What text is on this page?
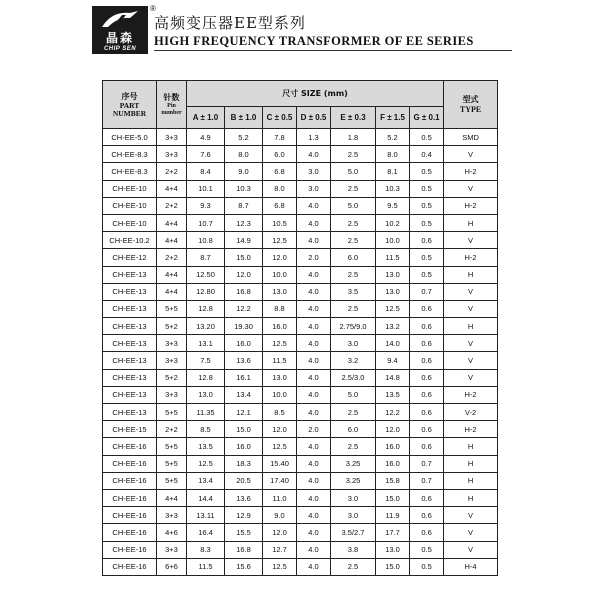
晶森
CHIP SEN
®
高频变压器EE型系列
HIGH FREQUENCY TRANSFORMER OF EE SERIES
序号
PART
NUMBER	针数
Pin
number	尺寸 SIZE (mm)							型式
TYPE

		A ± 1.0	B ± 1.0	C ± 0.5	D ± 0.5	E ± 0.3	F ± 1.5	G ± 0.1	
CH-EE-5.0	3+3	4.9	5.2	7.8	1.3	1.8	5.2	0.5	SMD
CH-EE-8.3	3+3	7.6	8.0	6.0	4.0	2.5	8.0	0.4	V
CH-EE-8.3	2+2	8.4	9.0	6.8	3.0	5.0	8.1	0.5	H-2
CH-EE-10	4+4	10.1	10.3	8.0	3.0	2.5	10.3	0.5	V
CH-EE-10	2+2	9.3	8.7	6.8	4.0	5.0	9.5	0.5	H-2
CH-EE-10	4+4	10.7	12.3	10.5	4.0	2.5	10.2	0.5	H
CH-EE-10.2	4+4	10.8	14.9	12.5	4.0	2.5	10.0	0.6	V
CH-EE-12	2+2	8.7	15.0	12.0	2.0	6.0	11.5	0.5	H-2
CH-EE-13	4+4	12.50	12.0	10.0	4.0	2.5	13.0	0.5	H
CH-EE-13	4+4	12.80	16.8	13.0	4.0	3.5	13.0	0.7	V
CH-EE-13	5+5	12.8	12.2	8.8	4.0	2.5	12.5	0.6	V
CH-EE-13	5+2	13.20	19.30	16.0	4.0	2.75/9.0	13.2	0.6	H
CH-EE-13	3+3	13.1	16.0	12.5	4.0	3.0	14.0	0.6	V
CH-EE-13	3+3	7.5	13.6	11.5	4.0	3.2	9.4	0.6	V
CH-EE-13	5+2	12.8	16.1	13.0	4.0	2.5/3.0	14.8	0.6	V
CH-EE-13	3+3	13.0	13.4	10.0	4.0	5.0	13.5	0.6	H-2
CH-EE-13	5+5	11.35	12.1	8.5	4.0	2.5	12.2	0.6	V-2
CH-EE-15	2+2	8.5	15.0	12.0	2.0	6.0	12.0	0.6	H-2
CH-EE-16	5+5	13.5	16.0	12.5	4.0	2.5	16.0	0.6	H
CH-EE-16	5+5	12.5	18.3	15.40	4.0	3.25	16.0	0.7	H
CH-EE-16	5+5	13.4	20.5	17.40	4.0	3.25	15.8	0.7	H
CH-EE-16	4+4	14.4	13.6	11.0	4.0	3.0	15.0	0.6	H
CH-EE-16	3+3	13.11	12.9	9.0	4.0	3.0	11.9	0.6	V
CH-EE-16	4+6	16.4	15.5	12.0	4.0	3.5/2.7	17.7	0.6	V
CH-EE-16	3+3	8.3	16.8	12.7	4.0	3.8	13.0	0.5	V
CH-EE-16	6+6	11.5	15.6	12.5	4.0	2.5	15.0	0.5	H-4
